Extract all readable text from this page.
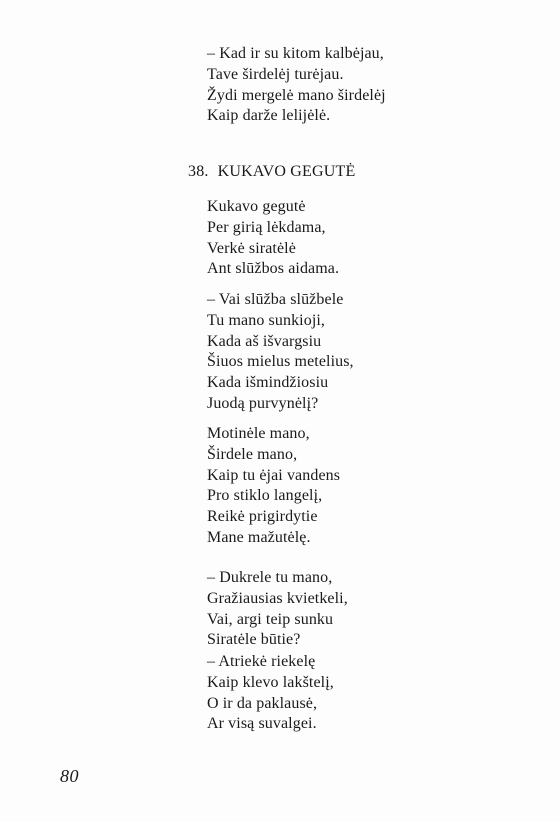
– Kad ir su kitom kalbėjau,
Tave širdelėj turėjau.
Žydi mergelė mano širdelėj
Kaip darže lelijėlė.
38. KUKAVO GEGUTĖ
Kukavo gegutė
Per girią lėkdama,
Verkė siratėlė
Ant slūžbos aidama.
– Vai slūžba slūžbele
Tu mano sunkioji,
Kada aš išvargsiu
Šiuos mielus metelius,
Kada išmindžiosiu
Juodą purvynėlį?
Motinėle mano,
Širdele mano,
Kaip tu ėjai vandens
Pro stiklo langelį,
Reikė prigirdytie
Mane mažutėlę.
– Dukrele tu mano,
Gražiausias kvietkeli,
Vai, argi teip sunku
Siratėle būtie?
– Atriekė riekelę
Kaip klevo lakštelį,
O ir da paklausė,
Ar visą suvalgei.
80
